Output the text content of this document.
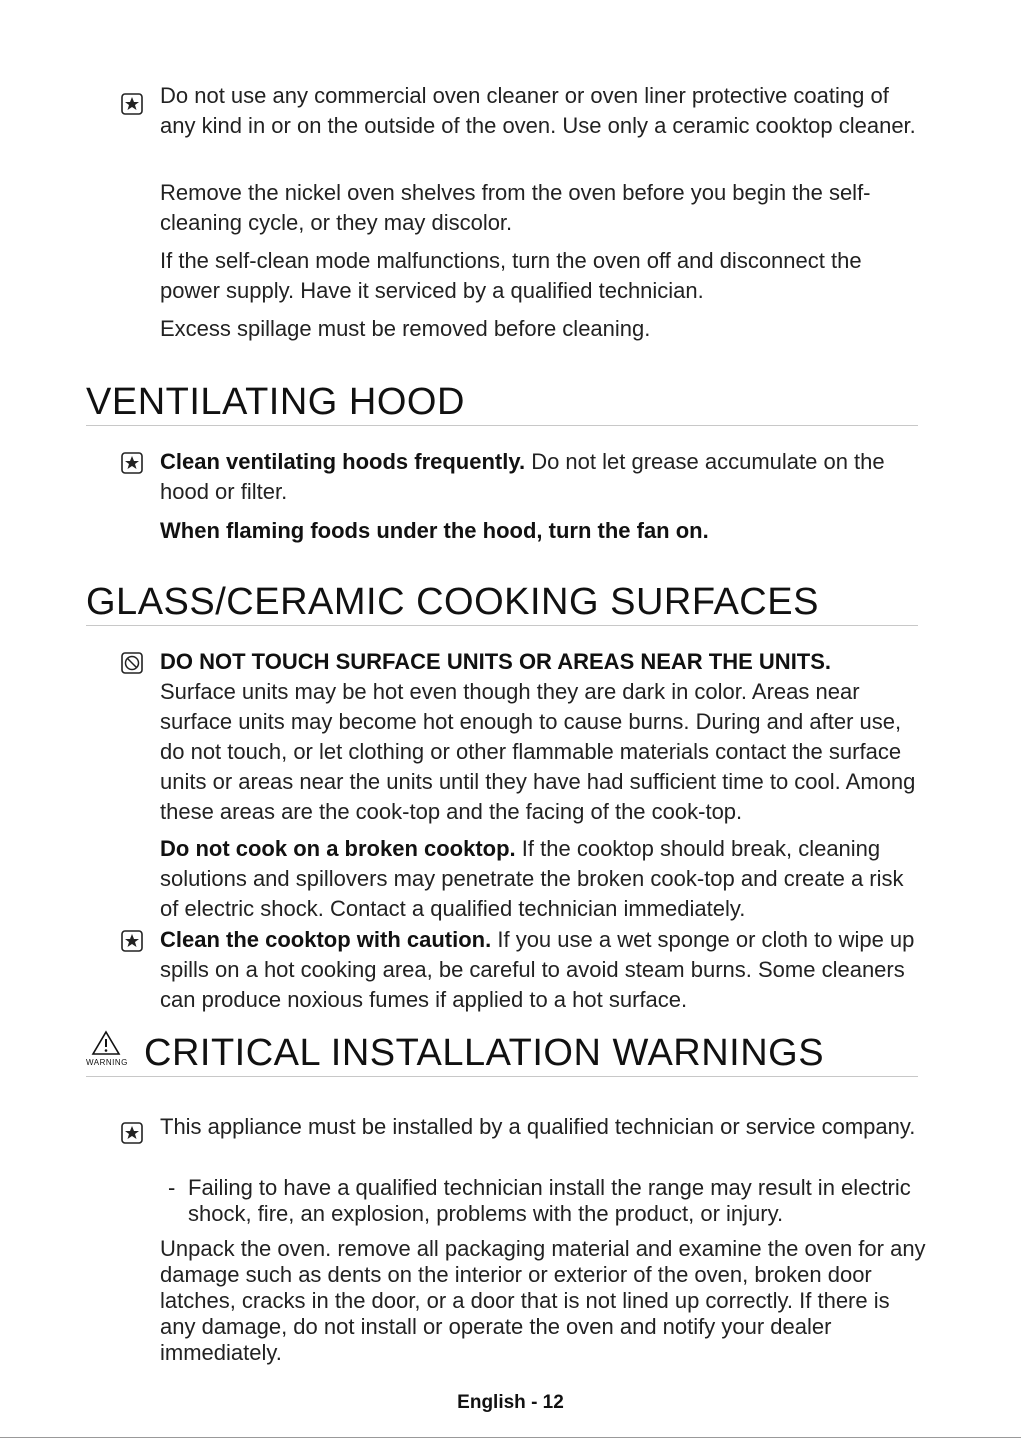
Do not use any commercial oven cleaner or oven liner protective coating of any kind in or on the outside of the oven. Use only a ceramic cooktop cleaner.

Remove the nickel oven shelves from the oven before you begin the self-cleaning cycle, or they may discolor.

If the self-clean mode malfunctions, turn the oven off and disconnect the power supply. Have it serviced by a qualified technician.

Excess spillage must be removed before cleaning.

VENTILATING HOOD

Clean ventilating hoods frequently. Do not let grease accumulate on the hood or filter.

When flaming foods under the hood, turn the fan on.

GLASS/CERAMIC COOKING SURFACES

DO NOT TOUCH SURFACE UNITS OR AREAS NEAR THE UNITS.
Surface units may be hot even though they are dark in color. Areas near surface units may become hot enough to cause burns. During and after use, do not touch, or let clothing or other flammable materials contact the surface units or areas near the units until they have had sufficient time to cool. Among these areas are the cook-top and the facing of the cook-top.

Do not cook on a broken cooktop. If the cooktop should break, cleaning solutions and spillovers may penetrate the broken cook-top and create a risk of electric shock. Contact a qualified technician immediately.

Clean the cooktop with caution. If you use a wet sponge or cloth to wipe up spills on a hot cooking area, be careful to avoid steam burns. Some cleaners can produce noxious fumes if applied to a hot surface.

WARNING CRITICAL INSTALLATION WARNINGS

This appliance must be installed by a qualified technician or service company.

- Failing to have a qualified technician install the range may result in electric shock, fire, an explosion, problems with the product, or injury.

Unpack the oven. remove all packaging material and examine the oven for any damage such as dents on the interior or exterior of the oven, broken door latches, cracks in the door, or a door that is not lined up correctly. If there is any damage, do not install or operate the oven and notify your dealer immediately.

English - 12
